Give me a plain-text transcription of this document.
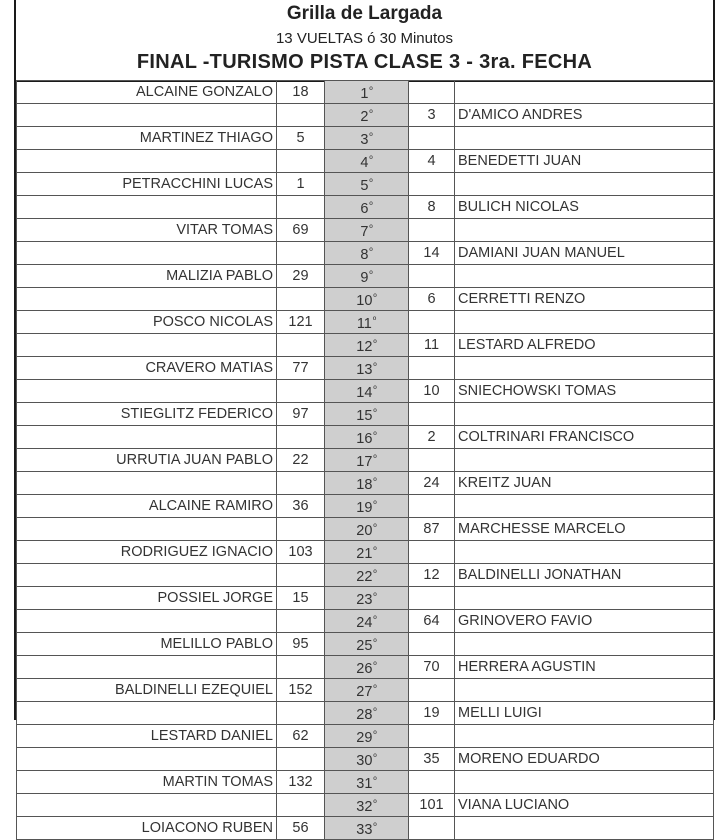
Grilla de Largada
13 VUELTAS ó 30 Minutos
FINAL -TURISMO PISTA CLASE 3 - 3ra. FECHA
ALCAINE GONZALO	18	$1^º$		
		$2^º$	3	D'AMICO ANDRES
MARTINEZ THIAGO	5	$3^º$		
		$4^º$	4	BENEDETTI JUAN
PETRACCHINI LUCAS	1	$5^º$		
		$6^º$	8	BULICH NICOLAS
VITAR TOMAS	69	$7^º$		
		$8^º$	14	DAMIANI JUAN MANUEL
MALIZIA PABLO	29	$9^º$		
		$10^º$	6	CERRETTI RENZO
POSCO NICOLAS	121	$11^º$		
		$12^º$	11	LESTARD ALFREDO
CRAVERO MATIAS	77	$13^º$		
		$14^º$	10	SNIECHOWSKI TOMAS
STIEGLITZ FEDERICO	97	$15^º$		
		$16^º$	2	COLTRINARI FRANCISCO
URRUTIA JUAN PABLO	22	$17^º$		
		$18^º$	24	KREITZ JUAN
ALCAINE RAMIRO	36	$19^º$		
		$20^º$	87	MARCHESSE MARCELO
RODRIGUEZ IGNACIO	103	$21^º$		
		$22^º$	12	BALDINELLI JONATHAN
POSSIEL JORGE	15	$23^º$		
		$24^º$	64	GRINOVERO FAVIO
MELILLO PABLO	95	$25^º$		
		$26^º$	70	HERRERA AGUSTIN
BALDINELLI EZEQUIEL	152	$27^º$		
		$28^º$	19	MELLI LUIGI
LESTARD DANIEL	62	$29^º$		
		$30^º$	35	MORENO EDUARDO
MARTIN TOMAS	132	$31^º$		
		$32^º$	101	VIANA LUCIANO
LOIACONO RUBEN	56	$33^º$		
